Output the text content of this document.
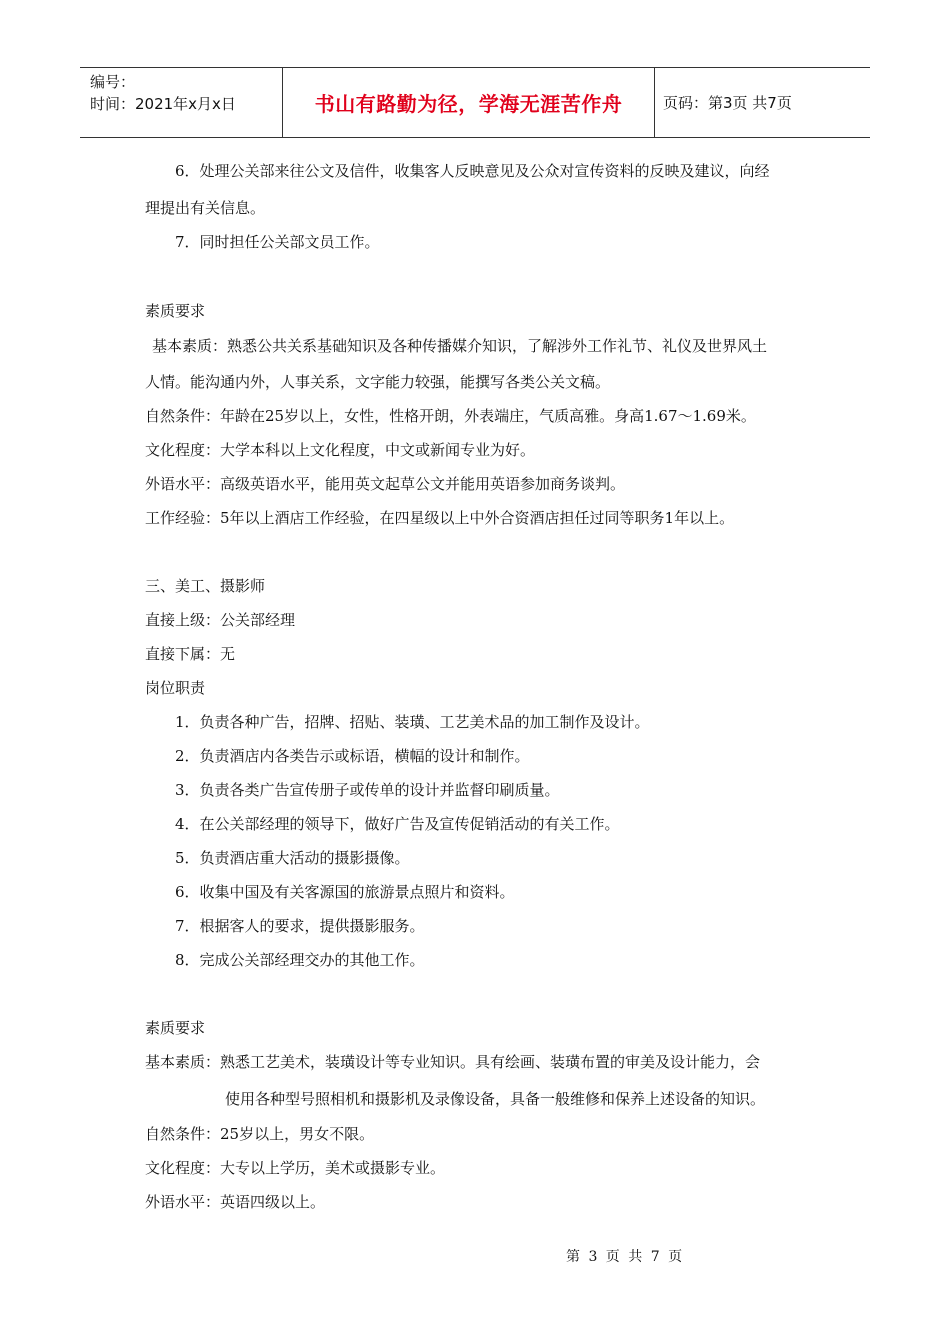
编号：
时间：2021年x月x日	书山有路勤为径，学海无涯苦作舟	页码：第3页 共7页
6．处理公关部来往公文及信件，收集客人反映意见及公众对宣传资料的反映及建议，向经
理提出有关信息。
7．同时担任公关部文员工作。
素质要求
基本素质：熟悉公共关系基础知识及各种传播媒介知识，了解涉外工作礼节、礼仪及世界风土
人情。能沟通内外，人事关系，文字能力较强，能撰写各类公关文稿。
自然条件：年龄在25岁以上，女性，性格开朗，外表端庄，气质高雅。身高1.67～1.69米。
文化程度：大学本科以上文化程度，中文或新闻专业为好。
外语水平：高级英语水平，能用英文起草公文并能用英语参加商务谈判。
工作经验：5年以上酒店工作经验，在四星级以上中外合资酒店担任过同等职务1年以上。
三、美工、摄影师
直接上级：公关部经理
直接下属：无
岗位职责
1．负责各种广告，招牌、招贴、装璜、工艺美术品的加工制作及设计。
2．负责酒店内各类告示或标语，横幅的设计和制作。
3．负责各类广告宣传册子或传单的设计并监督印刷质量。
4．在公关部经理的领导下，做好广告及宣传促销活动的有关工作。
5．负责酒店重大活动的摄影摄像。
6．收集中国及有关客源国的旅游景点照片和资料。
7．根据客人的要求，提供摄影服务。
8．完成公关部经理交办的其他工作。
素质要求
基本素质：熟悉工艺美术，装璜设计等专业知识。具有绘画、装璜布置的审美及设计能力，会
使用各种型号照相机和摄影机及录像设备，具备一般维修和保养上述设备的知识。
自然条件：25岁以上，男女不限。
文化程度：大专以上学历，美术或摄影专业。
外语水平：英语四级以上。
第 3 页 共 7 页
